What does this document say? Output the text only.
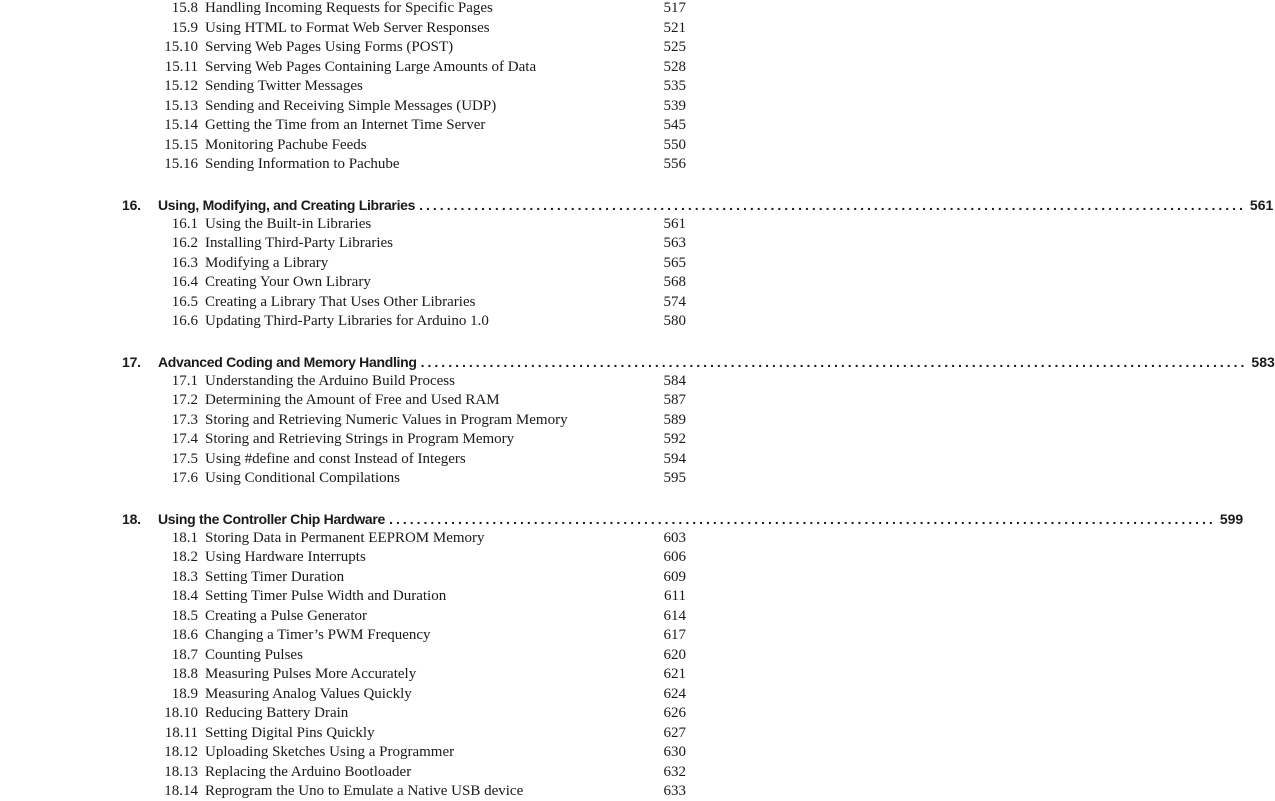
15.8 Handling Incoming Requests for Specific Pages	517
15.9 Using HTML to Format Web Server Responses	521
15.10 Serving Web Pages Using Forms (POST)	525
15.11 Serving Web Pages Containing Large Amounts of Data	528
15.12 Sending Twitter Messages	535
15.13 Sending and Receiving Simple Messages (UDP)	539
15.14 Getting the Time from an Internet Time Server	545
15.15 Monitoring Pachube Feeds	550
15.16 Sending Information to Pachube	556
16.	Using, Modifying, and Creating Libraries ........................................................................................................................ 561
16.1 Using the Built-in Libraries	561
16.2 Installing Third-Party Libraries	563
16.3 Modifying a Library	565
16.4 Creating Your Own Library	568
16.5 Creating a Library That Uses Other Libraries	574
16.6 Updating Third-Party Libraries for Arduino 1.0	580
17.	Advanced Coding and Memory Handling ........................................................................................................................ 583
17.1 Understanding the Arduino Build Process	584
17.2 Determining the Amount of Free and Used RAM	587
17.3 Storing and Retrieving Numeric Values in Program Memory	589
17.4 Storing and Retrieving Strings in Program Memory	592
17.5 Using #define and const Instead of Integers	594
17.6 Using Conditional Compilations	595
18.	Using the Controller Chip Hardware ........................................................................................................................ 599
18.1 Storing Data in Permanent EEPROM Memory	603
18.2 Using Hardware Interrupts	606
18.3 Setting Timer Duration	609
18.4 Setting Timer Pulse Width and Duration	611
18.5 Creating a Pulse Generator	614
18.6 Changing a Timer’s PWM Frequency	617
18.7 Counting Pulses	620
18.8 Measuring Pulses More Accurately	621
18.9 Measuring Analog Values Quickly	624
18.10 Reducing Battery Drain	626
18.11 Setting Digital Pins Quickly	627
18.12 Uploading Sketches Using a Programmer	630
18.13 Replacing the Arduino Bootloader	632
18.14 Reprogram the Uno to Emulate a Native USB device	633
